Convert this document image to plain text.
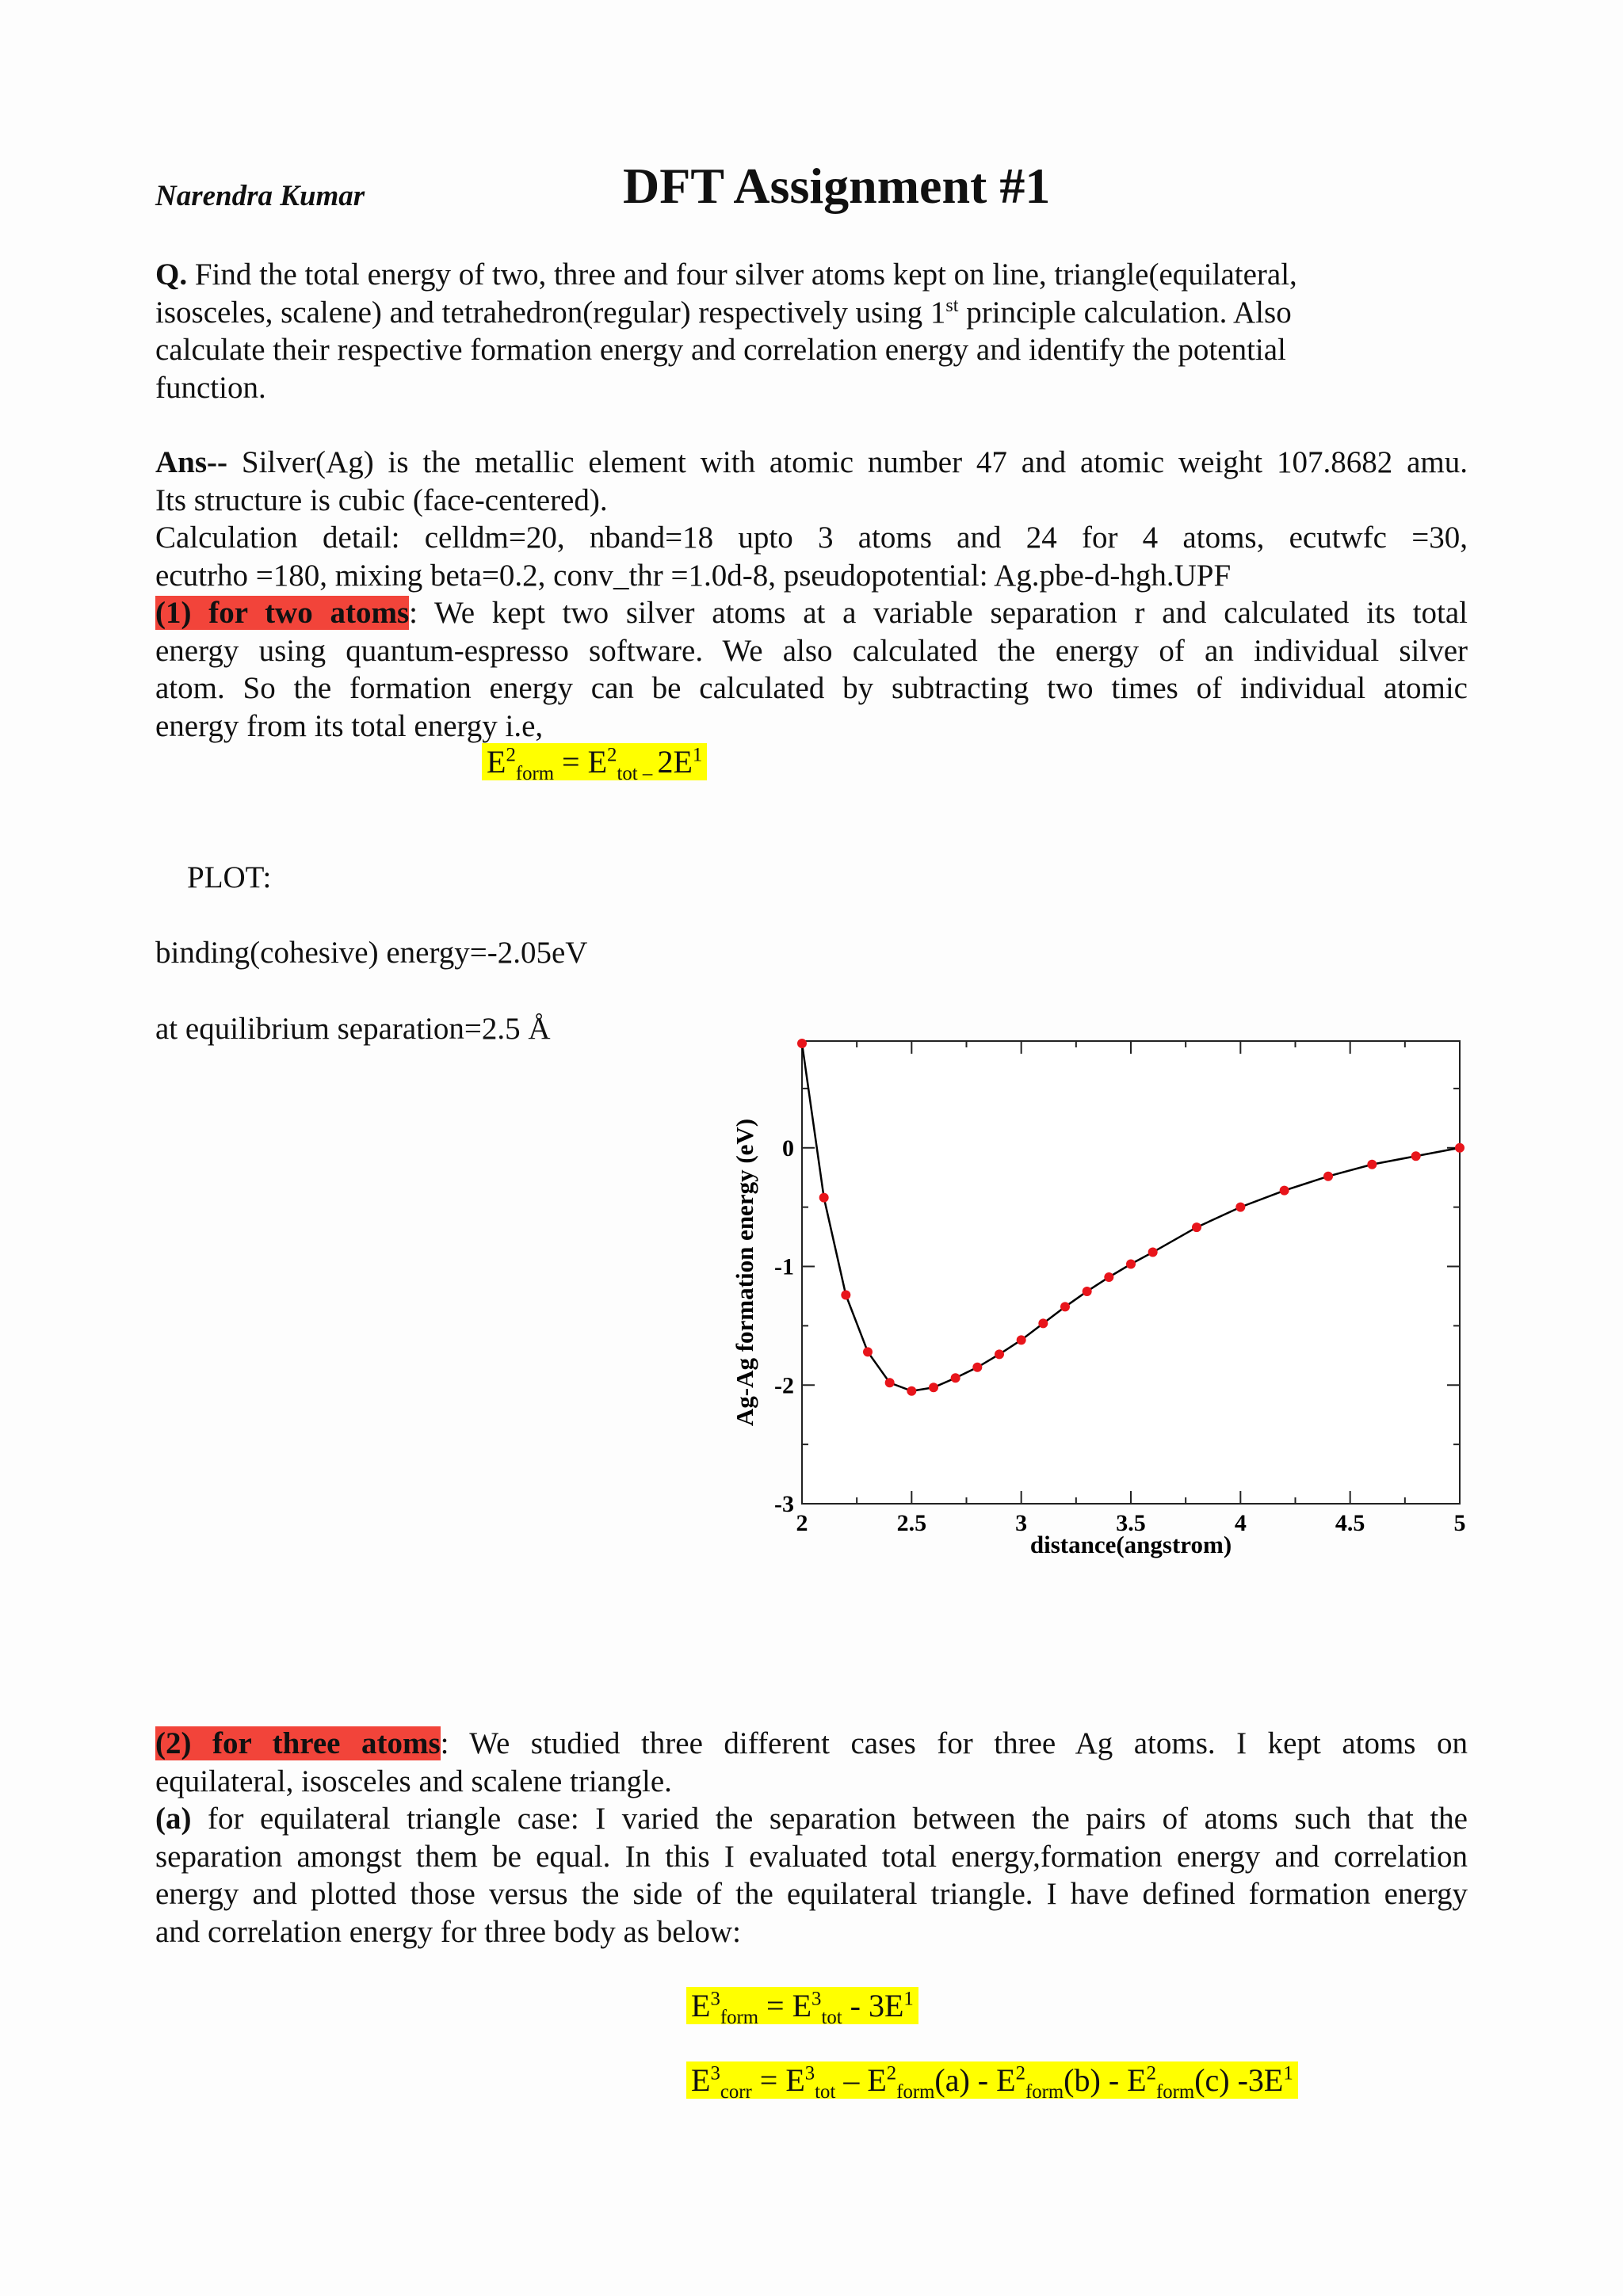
Narendra Kumar	DFT Assignment #1
Q. Find the total energy of two, three and four silver atoms kept on line, triangle(equilateral,
isosceles, scalene) and tetrahedron(regular) respectively using 1st principle calculation. Also
calculate their respective formation energy and correlation energy and identify the potential
function.
Ans-- Silver(Ag) is the metallic element with atomic number 47 and atomic weight 107.8682 amu.
Its structure is cubic (face-centered).
Calculation detail: celldm=20, nband=18 upto 3 atoms and 24 for 4 atoms, ecutwfc =30,
ecutrho =180, mixing beta=0.2, conv_thr =1.0d-8, pseudopotential: Ag.pbe-d-hgh.UPF
(1) for two atoms: We kept two silver atoms at a variable separation r and calculated its total
energy using quantum-espresso software. We also calculated the energy of an individual silver
atom. So the formation energy can be calculated by subtracting two times of individual atomic
energy from its total energy i.e,
$E^2_{form} = E^2_{tot -}$ $2E^1$
PLOT:
binding(cohesive) energy=-2.05eV
at equilibrium separation=2.5 Å
2	2.5	3	3.5	4	4.5	5
-3
-2
-1
0
distance(angstrom)
Ag-Ag formation energy (eV)
(2) for three atoms: We studied three different cases for three Ag atoms. I kept atoms on
equilateral, isosceles and scalene triangle.
(a) for equilateral triangle case: I varied the separation between the pairs of atoms such that the
separation amongst them be equal. In this I evaluated total energy,formation energy and correlation
energy and plotted those versus the side of the equilateral triangle. I have defined formation energy
and correlation energy for three body as below:
$E^3_{form} = E^3_{tot} - 3E^1$
$E^3_{corr} = E^3_{tot} - E^2_{form}(a) - E^2_{form}(b) - E^2_{form}(c)$ $-3E^1$
